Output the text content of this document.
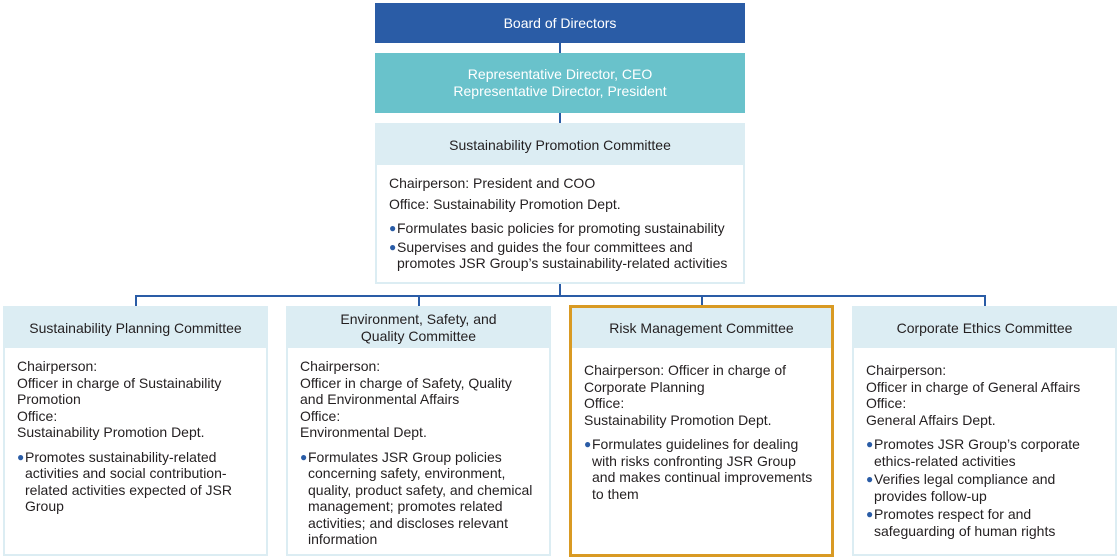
Board of Directors
Representative Director, CEO
Representative Director, President
Sustainability Promotion Committee
Chairperson: President and COO
Office: Sustainability Promotion Dept.
● Formulates basic policies for promoting sustainability
● Supervises and guides the four committees and promotes JSR Group’s sustainability-related activities
Sustainability Planning Committee
Chairperson:
Officer in charge of Sustainability Promotion
Office:
Sustainability Promotion Dept.
● Promotes sustainability-related activities and social contribution-related activities expected of JSR Group
Environment, Safety, and Quality Committee
Chairperson:
Officer in charge of Safety, Quality and Environmental Affairs
Office:
Environmental Dept.
● Formulates JSR Group policies concerning safety, environment, quality, product safety, and chemical management; promotes related activities; and discloses relevant information
Risk Management Committee
Chairperson: Officer in charge of
Corporate Planning
Office:
Sustainability Promotion Dept.
● Formulates guidelines for dealing with risks confronting JSR Group and makes continual improvements to them
Corporate Ethics Committee
Chairperson:
Officer in charge of General Affairs
Office:
General Affairs Dept.
● Promotes JSR Group’s corporate ethics-related activities
● Verifies legal compliance and provides follow-up
● Promotes respect for and safeguarding of human rights
